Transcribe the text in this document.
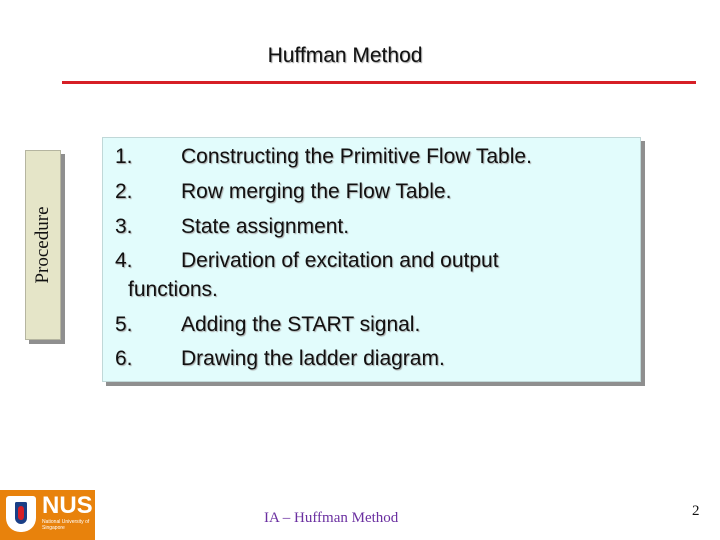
Huffman Method
Procedure
1. Constructing the Primitive Flow Table.
2. Row merging the Flow Table.
3. State assignment.
4. Derivation of excitation and output
functions.
5. Adding the START signal.
6. Drawing the ladder diagram.
NUS
National University of Singapore
IA – Huffman Method	2
